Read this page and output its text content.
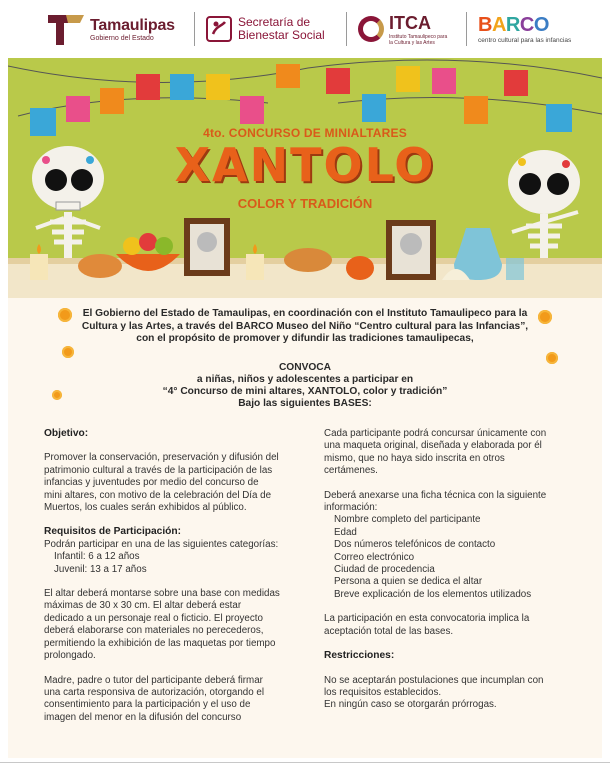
Tamaulipas
Gobierno del Estado
Secretaría de
Bienestar Social
ITCA
Instituto Tamaulipeco para la Cultura y las Artes
BARCO
centro cultural para las infancias
4to. CONCURSO DE MINIALTARES
XANTOLO
COLOR Y TRADICIÓN
El Gobierno del Estado de Tamaulipas, en coordinación con el Instituto Tamaulipeco para la
Cultura y las Artes, a través del BARCO Museo del Niño “Centro cultural para las Infancias”,
con el propósito de promover y difundir las tradiciones tamaulipecas,
CONVOCA
a niñas, niños y adolescentes a participar en
“4° Concurso de mini altares, XANTOLO, color y tradición”
Bajo las siguientes BASES:
Objetivo:
Promover la conservación, preservación y difusión del
patrimonio cultural a través de la participación de las
infancias y juventudes por medio del concurso de
mini altares, con motivo de la celebración del Día de
Muertos, los cuales serán exhibidos al público.
Requisitos de Participación:
Podrán participar en una de las siguientes categorías:
Infantil: 6 a 12 años
Juvenil: 13 a 17 años
El altar deberá montarse sobre una base con medidas
máximas de 30 x 30 cm. El altar deberá estar
dedicado a un personaje real o ficticio. El proyecto
deberá elaborarse con materiales no perecederos,
permitiendo la exhibición de las maquetas por tiempo
prolongado.
Madre, padre o tutor del participante deberá firmar
una carta responsiva de autorización, otorgando el
consentimiento para la participación y el uso de
imagen del menor en la difusión del concurso
Cada participante podrá concursar únicamente con
una maqueta original, diseñada y elaborada por él
mismo, que no haya sido inscrita en otros
certámenes.
Deberá anexarse una ficha técnica con la siguiente
información:
Nombre completo del participante
Edad
Dos números telefónicos de contacto
Correo electrónico
Ciudad de procedencia
Persona a quien se dedica el altar
Breve explicación de los elementos utilizados
La participación en esta convocatoria implica la
aceptación total de las bases.
Restricciones:
No se aceptarán postulaciones que incumplan con
los requisitos establecidos.
En ningún caso se otorgarán prórrogas.
